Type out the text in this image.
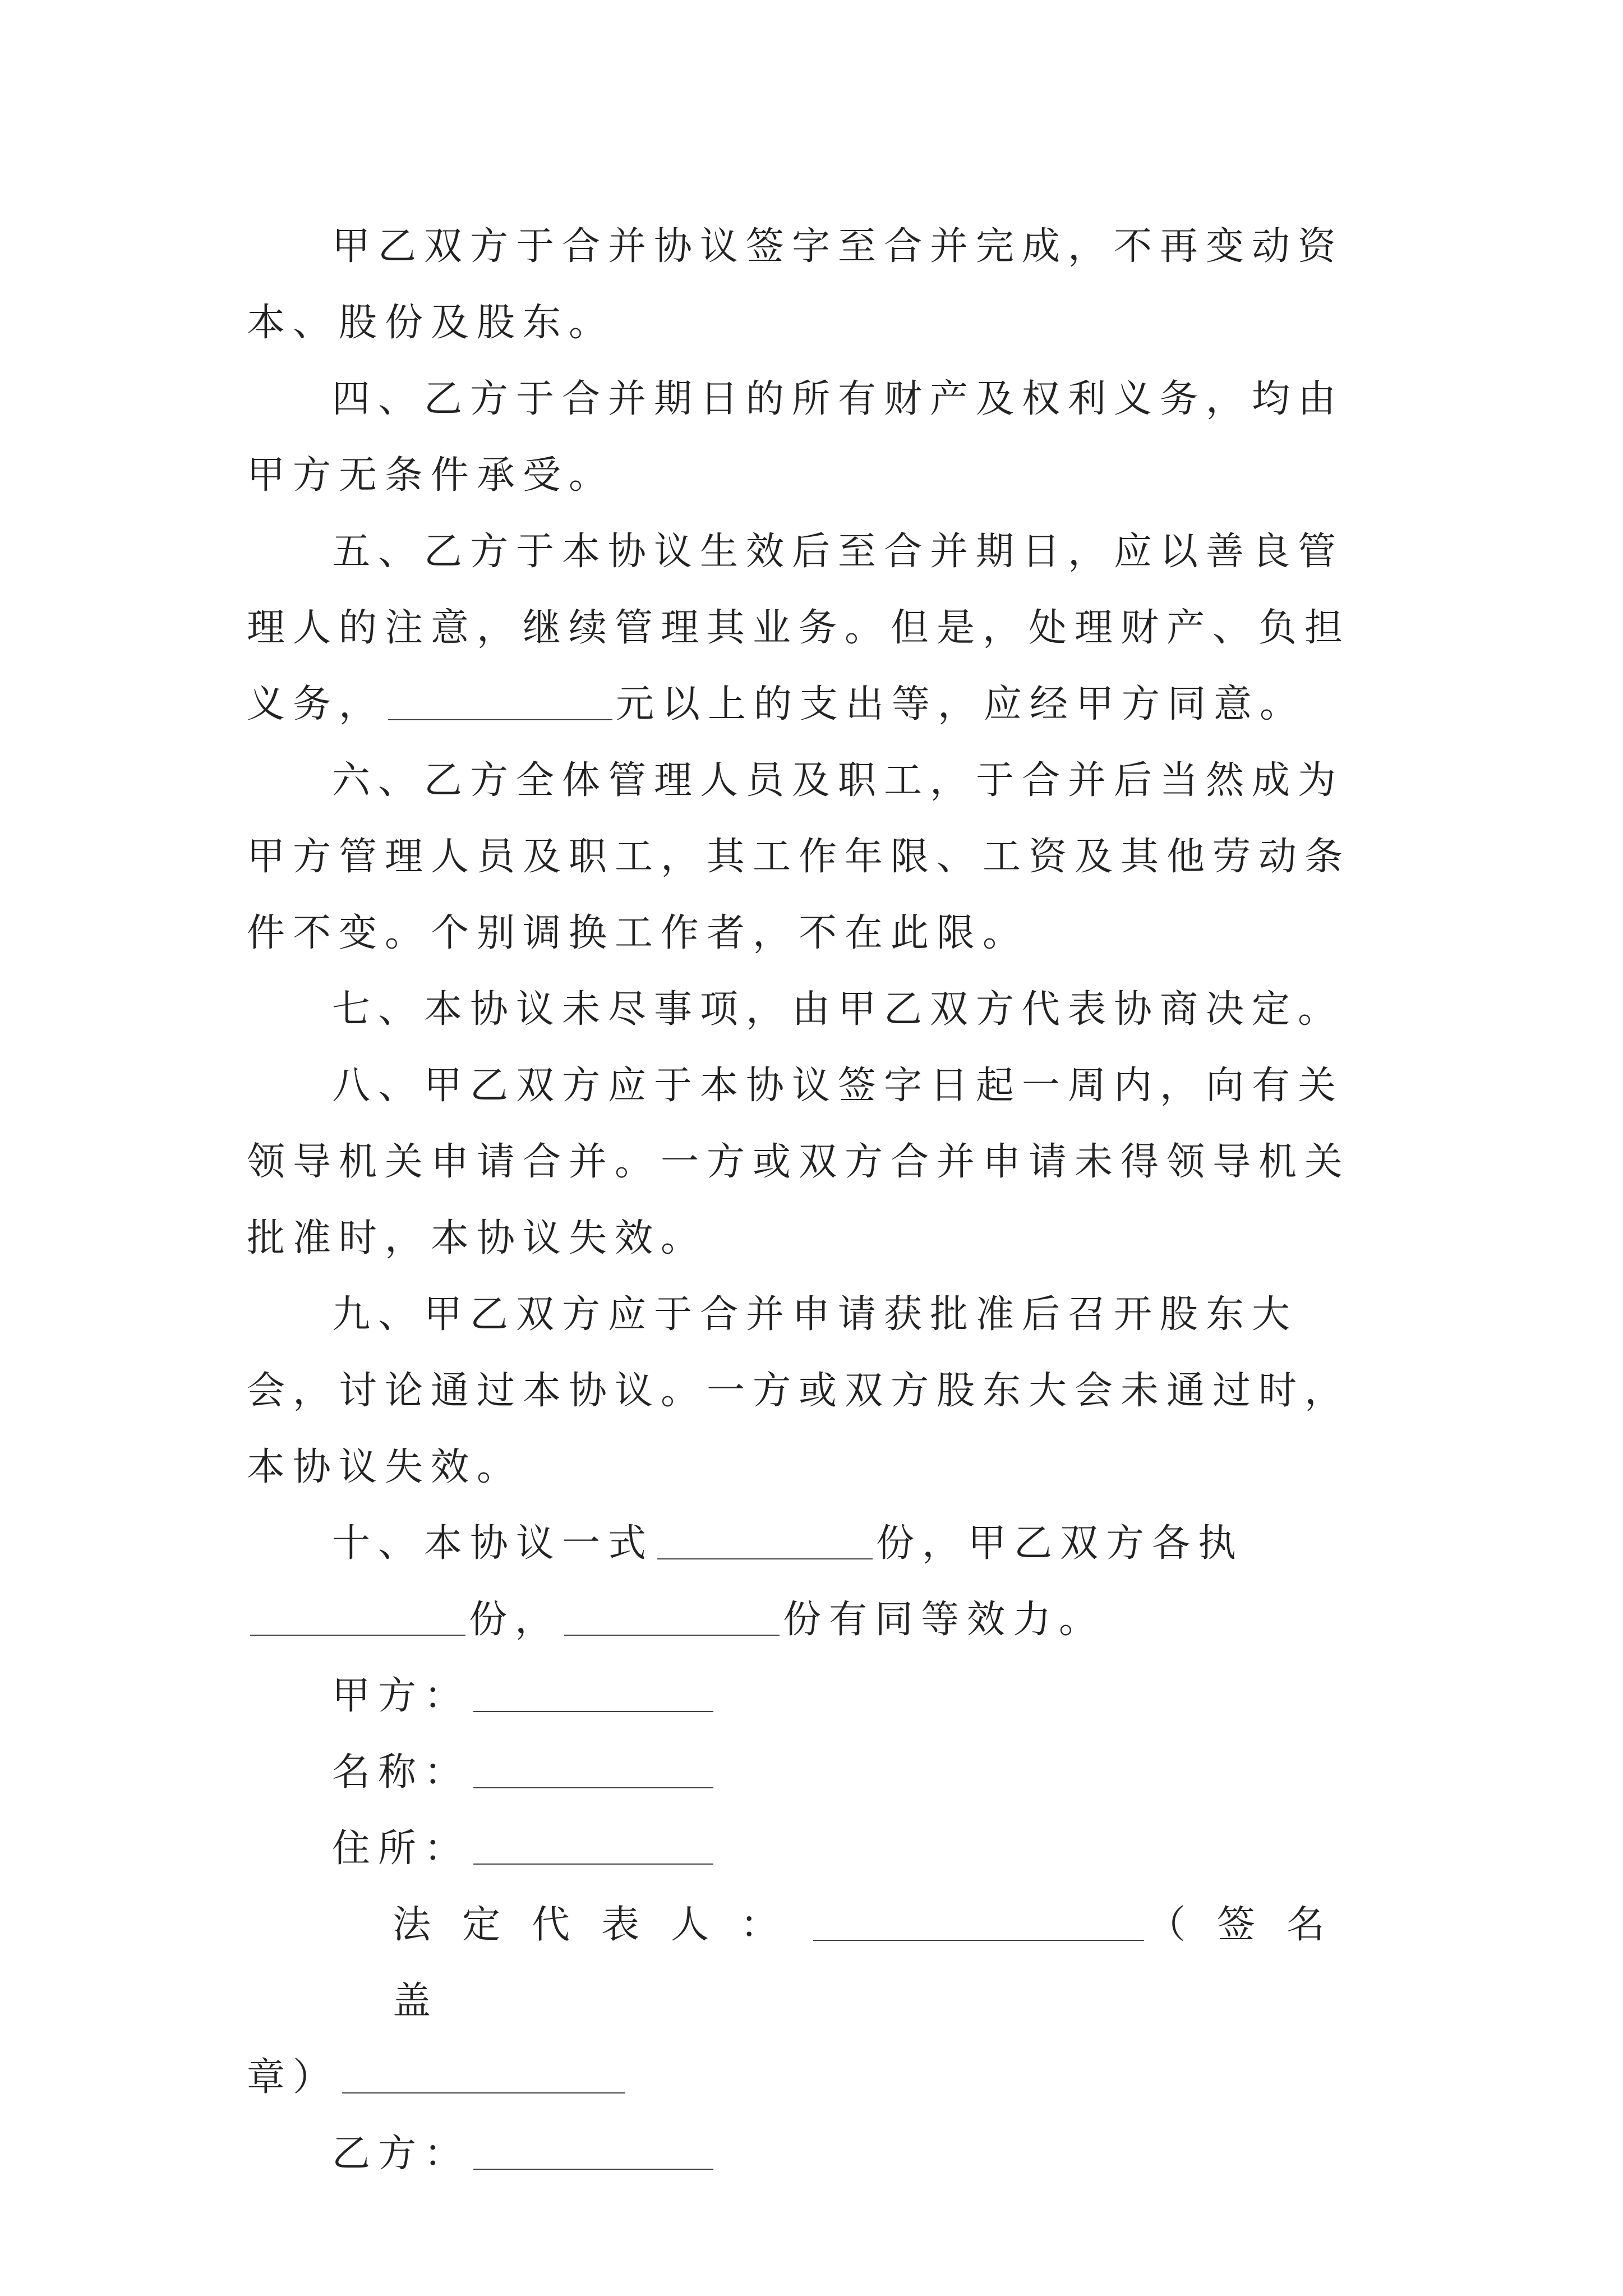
甲乙双方于合并协议签字至合并完成，不再变动资本、股份及股东。

四、乙方于合并期日的所有财产及权利义务，均由甲方无条件承受。

五、乙方于本协议生效后至合并期日，应以善良管理人的注意，继续管理其业务。但是，处理财产、负担义务，	元以上的支出等，应经甲方同意。

六、乙方全体管理人员及职工，于合并后当然成为甲方管理人员及职工，其工作年限、工资及其他劳动条件不变。个别调换工作者，不在此限。

七、本协议未尽事项，由甲乙双方代表协商决定。

八、甲乙双方应于本协议签字日起一周内，向有关领导机关申请合并。一方或双方合并申请未得领导机关批准时，本协议失效。

九、甲乙双方应于合并申请获批准后召开股东大会，讨论通过本协议。一方或双方股东大会未通过时，本协议失效。

十、本协议一式	份，甲乙双方各执份，	份有同等效力。

甲方：

名称：

住所：

法定代表人：	（签名盖

章）

乙方：
